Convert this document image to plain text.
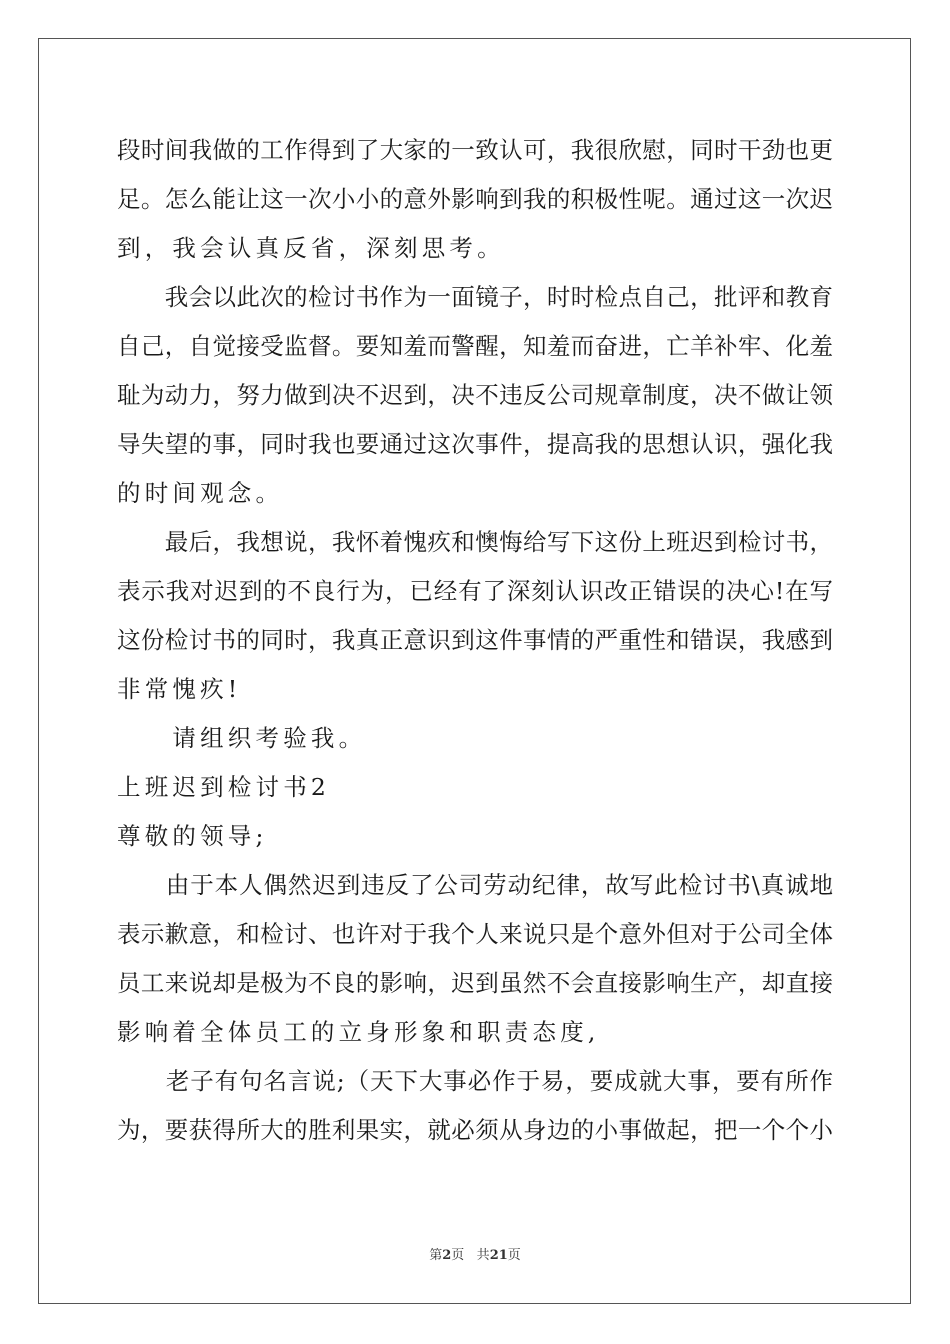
段时间我做的工作得到了大家的一致认可，我很欣慰，同时干劲也更
足。怎么能让这一次小小的意外影响到我的积极性呢。通过这一次迟
到，我会认真反省，深刻思考。
　　我会以此次的检讨书作为一面镜子，时时检点自己，批评和教育
自己，自觉接受监督。要知羞而警醒，知羞而奋进，亡羊补牢、化羞
耻为动力，努力做到决不迟到，决不违反公司规章制度，决不做让领
导失望的事，同时我也要通过这次事件，提高我的思想认识，强化我
的时间观念。
　　最后，我想说，我怀着愧疚和懊悔给写下这份上班迟到检讨书，
表示我对迟到的不良行为，已经有了深刻认识改正错误的决心!在写
这份检讨书的同时，我真正意识到这件事情的严重性和错误，我感到
非常愧疚!
　　请组织考验我。
上班迟到检讨书2
尊敬的领导;
　　由于本人偶然迟到违反了公司劳动纪律，故写此检讨书\真诚地
表示歉意，和检讨、也许对于我个人来说只是个意外但对于公司全体
员工来说却是极为不良的影响，迟到虽然不会直接影响生产，却直接
影响着全体员工的立身形象和职责态度,
　　老子有句名言说;（天下大事必作于易，要成就大事，要有所作
为，要获得所大的胜利果实，就必须从身边的小事做起，把一个个小
第2页 共21页
